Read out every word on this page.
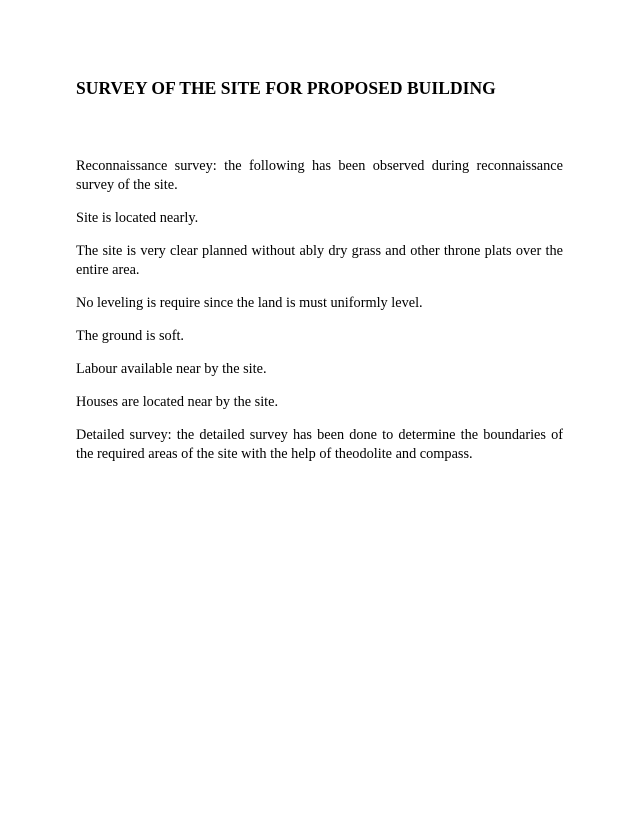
SURVEY OF THE SITE FOR PROPOSED BUILDING

Reconnaissance survey: the following has been observed during reconnaissance survey of the site.

Site is located nearly.

The site is very clear planned without ably dry grass and other throne plats over the entire area.

No leveling is require since the land is must uniformly level.

The ground is soft.

Labour available near by the site.

Houses are located near by the site.

Detailed survey: the detailed survey has been done to determine the boundaries of the required areas of the site with the help of theodolite and compass.
